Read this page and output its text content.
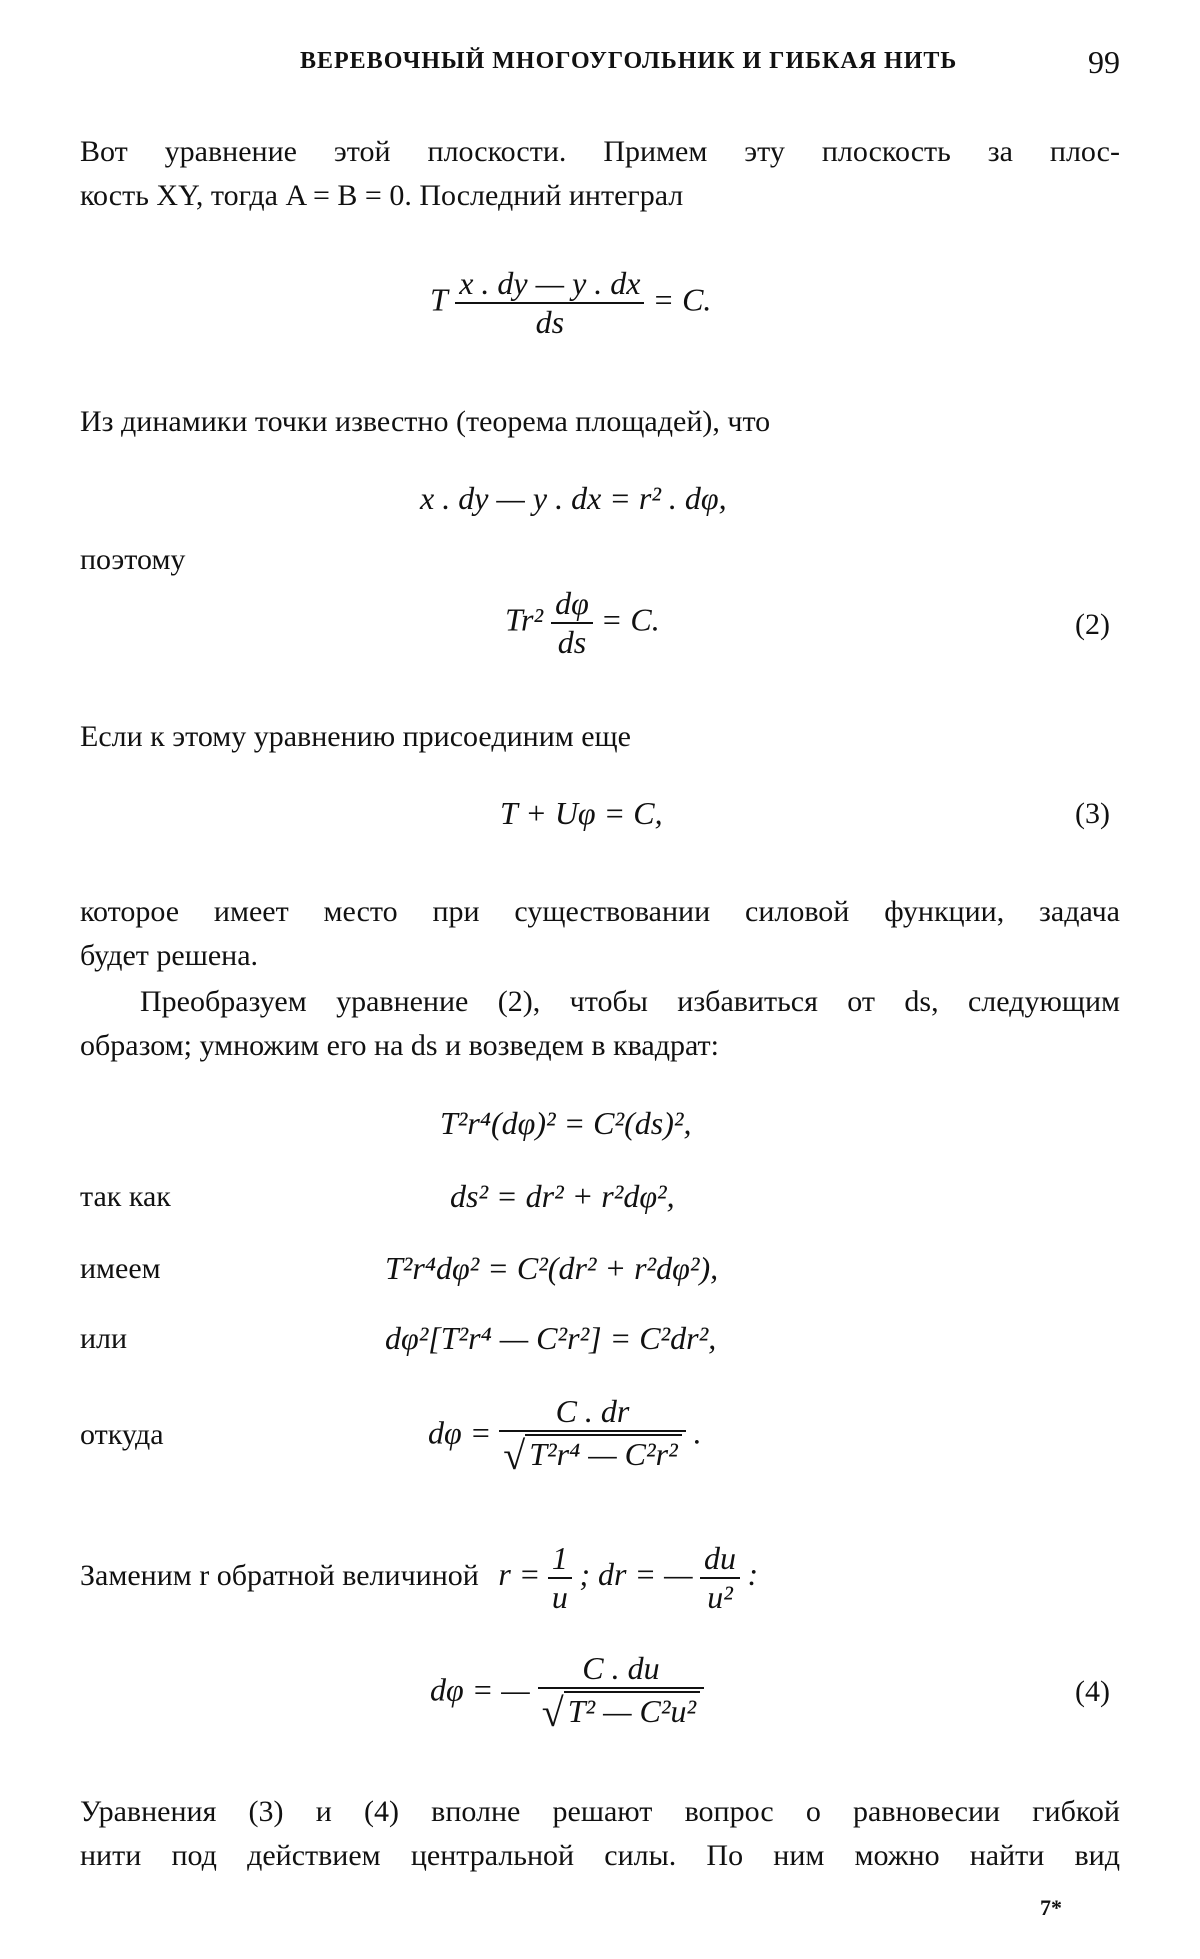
ВЕРЕВОЧНЫЙ МНОГОУГОЛЬНИК И ГИБКАЯ НИТЬ	99
Вот уравнение этой плоскости. Примем эту плоскость за плос-
кость XY, тогда A = B = 0. Последний интеграл
T $\frac{x . dy — y . dx}{ds} = C$.
Из динамики точки известно (теорема площадей), что
x . dy — y . dx = r² . dφ,
поэтому
$Tr^2 \frac{d\varphi}{ds} = C$.	(2)
Если к этому уравнению присоединим еще
T + Uφ = C,	(3)
которое имеет место при существовании силовой функции, задача
будет решена.
Преобразуем уравнение (2), чтобы избавиться от ds, следующим
образом; умножим его на ds и возведем в квадрат:
T²r⁴(dφ)² = C²(ds)²,
так как	ds² = dr² + r²dφ²,
имеем	T²r⁴dφ² = C²(dr² + r²dφ²),
или	dφ²[T²r⁴ — C²r²] = C²dr²,
откуда	$d\varphi = \frac{C . dr}{\text{√ T²r⁴ — C²r²}}$ .
Заменим r обратной величиной $r = \frac{1}{u}$ ; dr = — $\frac{du}{\text{u²}}$ :
dφ = — $\frac{C . du}{\text{√ T² — C²u²}}$	(4)
Уравнения (3) и (4) вполне решают вопрос о равновесии гибкой
нити под действием центральной силы. По ним можно найти вид
7*
